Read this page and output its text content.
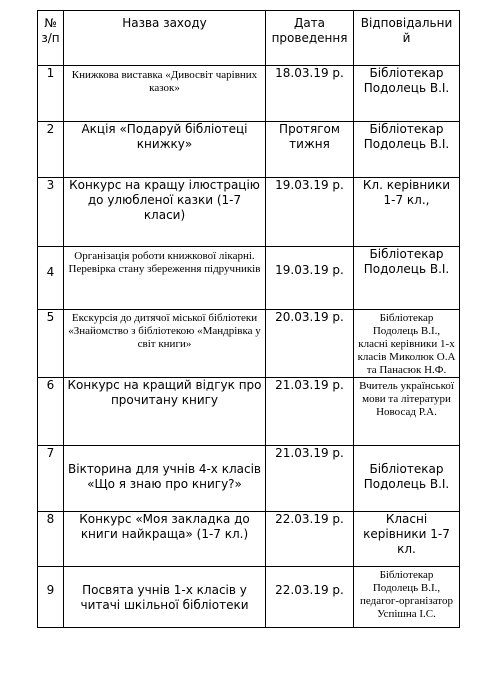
№ з/п	Назва заходу	Дата проведення	Відповідальний
1	Книжкова виставка «Дивосвіт чарівних казок»	18.03.19 р.	Бібліотекар Подолець В.І.
2	Акція «Подаруй бібліотеці книжку»	Протягом тижня	Бібліотекар Подолець В.І.
3	Конкурс на кращу ілюстрацію до улюбленої казки (1-7 класи)	19.03.19 р.	Кл. керівники 1-7 кл.,
4	Організація роботи книжкової лікарні. Перевірка стану збереження підручників	19.03.19 р.	Бібліотекар Подолець В.І.
5	Екскурсія до дитячої міської бібліотеки «Знайомство з бібліотекою «Мандрівка у світ книги»	20.03.19 р.	Бібліотекар Подолець В.І., класні керівники 1-х класів Миколюк О.А та Панасюк Н.Ф.
6	Конкурс на кращий відгук про прочитану книгу	21.03.19 р.	Вчитель української мови та літератури Новосад Р.А.
7	Вікторина для учнів 4-х класів «Що я знаю про книгу?»	21.03.19 р.	Бібліотекар Подолець В.І.
8	Конкурс «Моя закладка до книги найкраща» (1-7 кл.)	22.03.19 р.	Класні керівники 1-7 кл.
9	Посвята учнів 1-х класів у читачі шкільної бібліотеки	22.03.19 р.	Бібліотекар Подолець В.І., педагог-організатор Успішна І.С.
